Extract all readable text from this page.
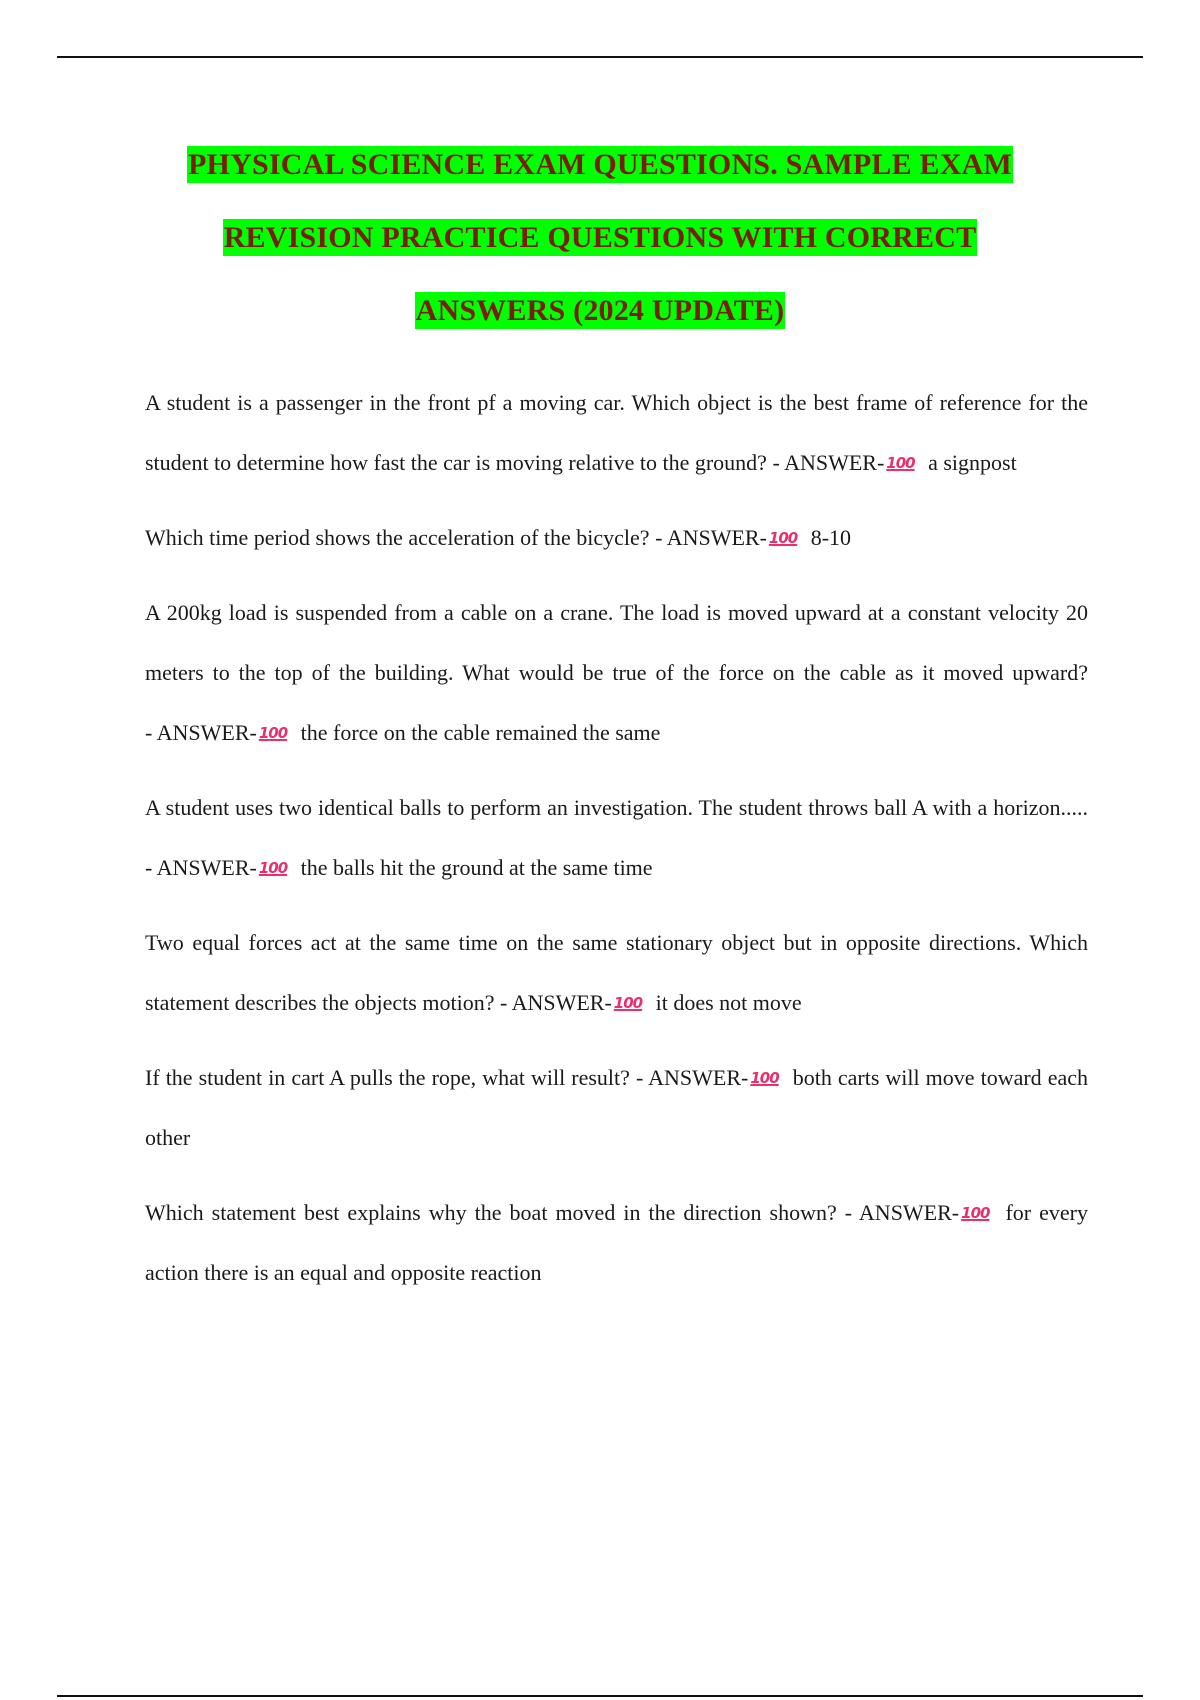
PHYSICAL SCIENCE EXAM QUESTIONS. SAMPLE EXAM
REVISION PRACTICE QUESTIONS WITH CORRECT
ANSWERS (2024 UPDATE)

A student is a passenger in the front pf a moving car. Which object is the best frame of reference for the student to determine how fast the car is moving relative to the ground? - ANSWER- 100 a signpost

Which time period shows the acceleration of the bicycle? - ANSWER- 100 8-10

A 200kg load is suspended from a cable on a crane. The load is moved upward at a constant velocity 20 meters to the top of the building. What would be true of the force on the cable as it moved upward? - ANSWER- 100 the force on the cable remained the same

A student uses two identical balls to perform an investigation. The student throws ball A with a horizon..... - ANSWER- 100 the balls hit the ground at the same time

Two equal forces act at the same time on the same stationary object but in opposite directions. Which statement describes the objects motion? - ANSWER- 100 it does not move

If the student in cart A pulls the rope, what will result? - ANSWER- 100 both carts will move toward each other

Which statement best explains why the boat moved in the direction shown? - ANSWER- 100 for every action there is an equal and opposite reaction
